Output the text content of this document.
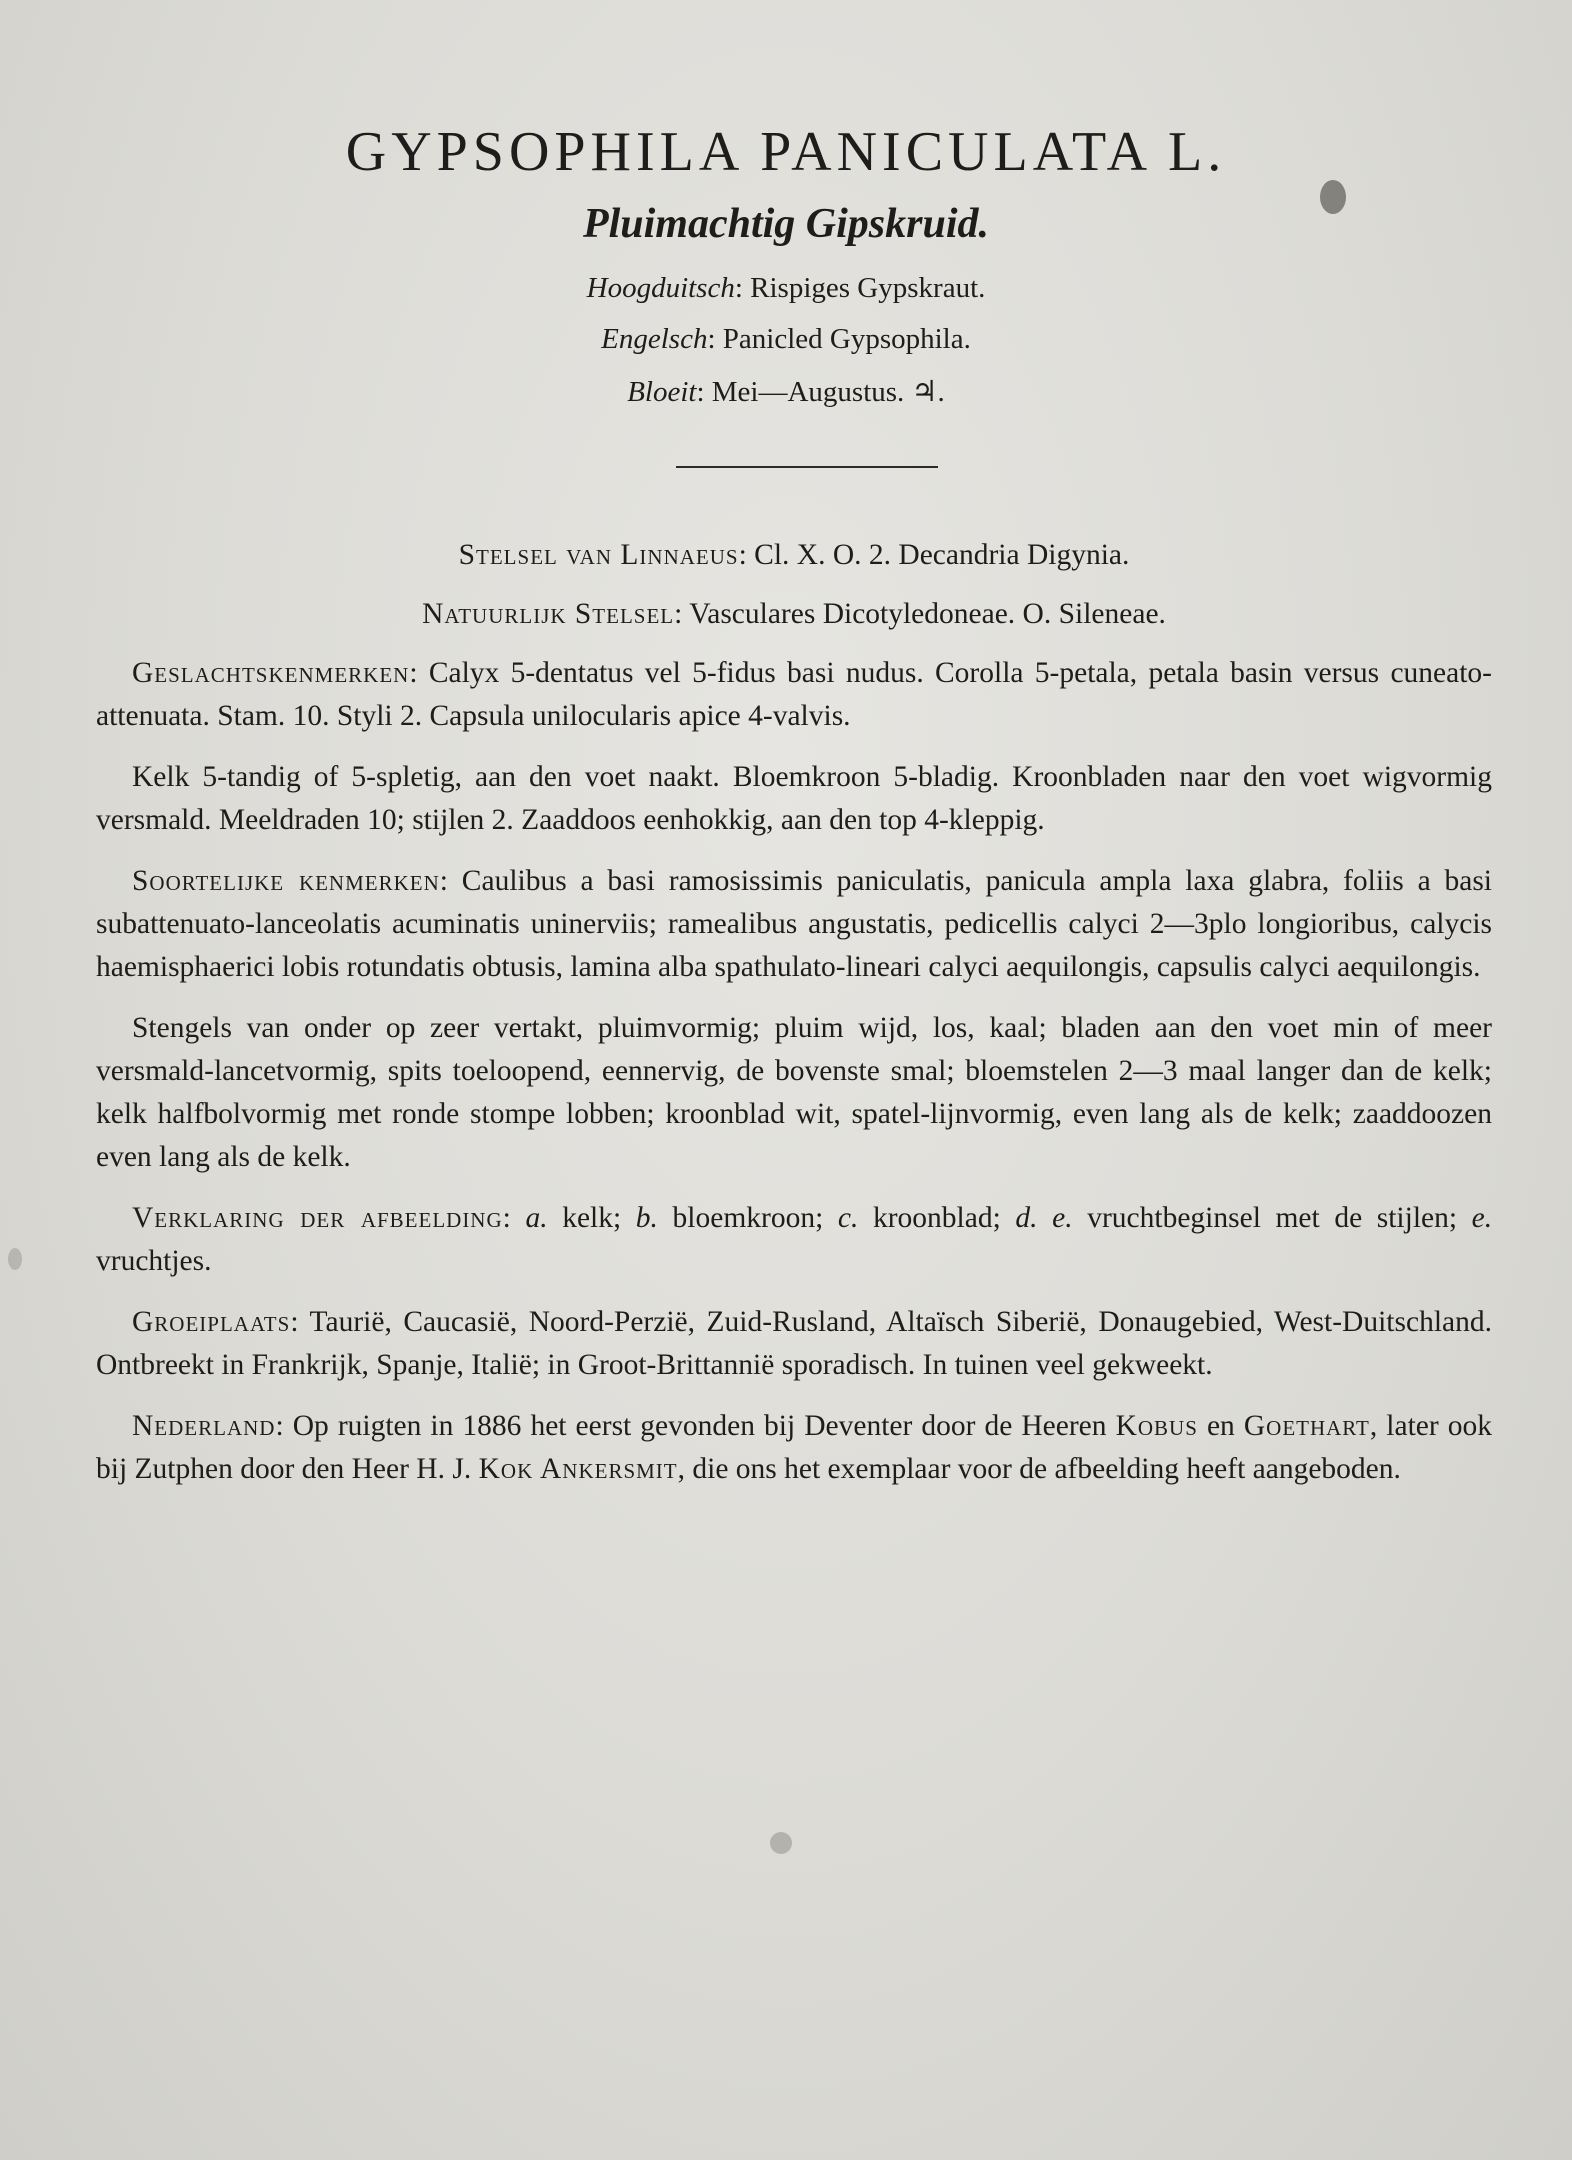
GYPSOPHILA PANICULATA L.
Pluimachtig Gipskruid.
Hoogduitsch: Rispiges Gypskraut.
Engelsch: Panicled Gypsophila.
Bloeit: Mei—Augustus. ♃.

Stelsel van Linnaeus: Cl. X. O. 2. Decandria Digynia.

Natuurlijk Stelsel: Vasculares Dicotyledoneae. O. Sileneae.

Geslachtskenmerken: Calyx 5-dentatus vel 5-fidus basi nudus. Corolla 5-petala, petala basin versus cuneato-attenuata. Stam. 10. Styli 2. Capsula unilocularis apice 4-valvis.

Kelk 5-tandig of 5-spletig, aan den voet naakt. Bloemkroon 5-bladig. Kroonbladen naar den voet wigvormig versmald. Meeldraden 10; stijlen 2. Zaaddoos eenhokkig, aan den top 4-kleppig.

Soortelijke kenmerken: Caulibus a basi ramosissimis paniculatis, panicula ampla laxa glabra, foliis a basi subattenuato-lanceolatis acuminatis uninerviis; ramealibus angustatis, pedicellis calyci 2—3plo longioribus, calycis haemisphaerici lobis rotundatis obtusis, lamina alba spathulato-lineari calyci aequilongis, capsulis calyci aequilongis.

Stengels van onder op zeer vertakt, pluimvormig; pluim wijd, los, kaal; bladen aan den voet min of meer versmald-lancetvormig, spits toeloopend, eennervig, de bovenste smal; bloemstelen 2—3 maal langer dan de kelk; kelk halfbolvormig met ronde stompe lobben; kroonblad wit, spatel-lijnvormig, even lang als de kelk; zaaddoozen even lang als de kelk.

Verklaring der afbeelding: a. kelk; b. bloemkroon; c. kroonblad; d. e. vruchtbeginsel met de stijlen; e. vruchtjes.

Groeiplaats: Taurië, Caucasië, Noord-Perzië, Zuid-Rusland, Altaïsch Siberië, Donaugebied, West-Duitschland. Ontbreekt in Frankrijk, Spanje, Italië; in Groot-Brittannië sporadisch. In tuinen veel gekweekt.

Nederland: Op ruigten in 1886 het eerst gevonden bij Deventer door de Heeren Kobus en Goethart, later ook bij Zutphen door den Heer H. J. Kok Ankersmit, die ons het exemplaar voor de afbeelding heeft aangeboden.
